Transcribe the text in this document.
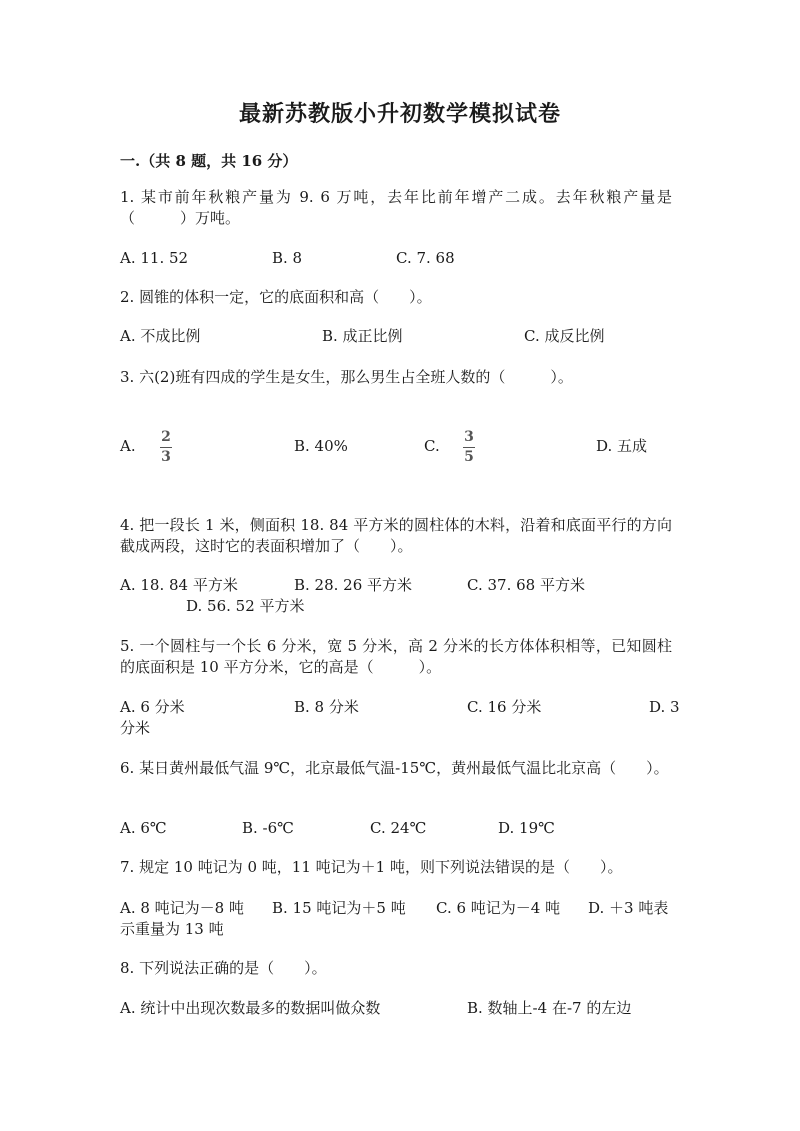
最新苏教版小升初数学模拟试卷
一.（共 8 题，共 16 分）
1. 某市前年秋粮产量为 9. 6 万吨，去年比前年增产二成。去年秋粮产量是（　　　）万吨。
A. 11. 52	B. 8	C. 7. 68
2. 圆锥的体积一定，它的底面积和高（　　）。
A. 不成比例	B. 成正比例	C. 成反比例
3. 六(2)班有四成的学生是女生，那么男生占全班人数的（　　　）。
A. 2
3
B. 40%	C. 3
5
D. 五成
4. 把一段长 1 米，侧面积 18. 84 平方米的圆柱体的木料，沿着和底面平行的方向截成两段，这时它的表面积增加了（　　）。
A. 18. 84 平方米	B. 28. 26 平方米	C. 37. 68 平方米
D. 56. 52 平方米
5. 一个圆柱与一个长 6 分米，宽 5 分米，高 2 分米的长方体体积相等，已知圆柱的底面积是 10 平方分米，它的高是（　　　）。
A. 6 分米	B. 8 分米	C. 16 分米	D. 3
分米
6. 某日黄州最低气温 9℃，北京最低气温-15℃，黄州最低气温比北京高（　　）。
A. 6℃	B. -6℃	C. 24℃	D. 19℃
7. 规定 10 吨记为 0 吨，11 吨记为＋1 吨，则下列说法错误的是（　　）。
A. 8 吨记为－8 吨 B. 15 吨记为＋5 吨 C. 6 吨记为－4 吨 D. ＋3 吨表
示重量为 13 吨
8. 下列说法正确的是（　　）。
A. 统计中出现次数最多的数据叫做众数	B. 数轴上-4 在-7 的左边
